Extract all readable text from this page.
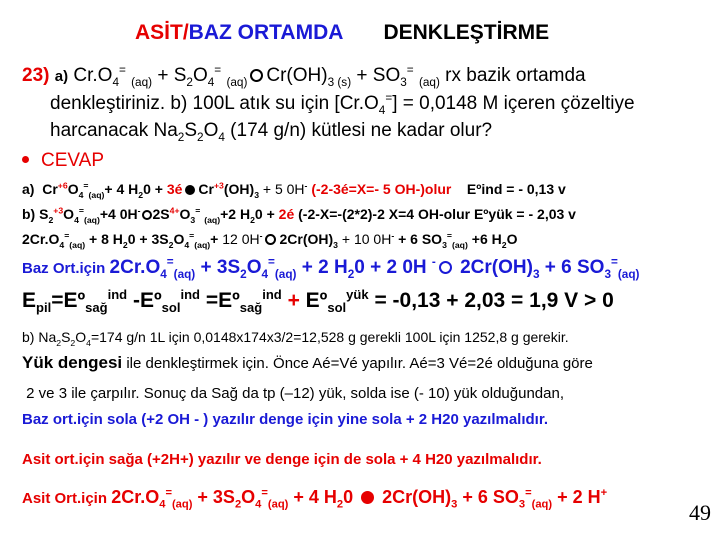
ASİT/BAZ ORTAMDA DENKLEŞTİRME
23) a) $Cr.O_4^=$ $_{(aq)} + S_2O_4^=$ $_{(aq)}$ $Cr(OH)_{3 (s)} + SO_3^=$ $_{(aq)}$ rx bazik ortamda
denkleştiriniz. b) 100L atık su için $[Cr.O_4^=] = 0,0148$ M içeren çözeltiye
harcanacak $Na_2S_2O_4$ (174 g/n) kütlesi ne kadar olur?
CEVAP
a)  $Cr^{+6}O_4^=_{(aq)}+ 4$ $H_20$ + 3é $Cr^{+3}(OH)_3 + 5$ 0H- (-2-3é=X=- 5 OH-)olur Eºind = - 0,13 v
b) $S_2^{+3}O_4^=_{(aq)}+4$ 0H- $2S^{4+}O_3^=$ $_{(aq)}$+2 $H_20$ + 2é (-2-X=-(2*2)-2 X=4 OH-olur Eºyük = - 2,03 v
$2Cr.O_4^=_{(aq)} + 8$ $H_20 + 3S_2O_4^=_{(aq)}+ 12$ 0H- $2Cr(OH)_3 + 10$ 0H- + 6 $SO_3^=_{(aq)} +6$ $H_2O$
Baz Ort.için $2Cr.O_4^=_{(aq)} + 3S_2O_4^=_{(aq)} + 2$ $H_20 + 2$ 0H - $2Cr(OH)_3 + 6$ $SO_3^=_{(aq)}$
$E_{pil}=Eº_{sağ}^{ind}$ -Eº$_{sol}^{ind}$ =Eº$_{sağ}^{ind}$ + Eº$_{sol}^{yük}$ = -0,13 + 2,03 = 1,9 V > 0
b) $Na_2S_2O_4=174$ g/n 1L için 0,0148x174x3/2=12,528 g gerekli 100L için 1252,8 g gerekir.
Yük dengesi ile denkleştirmek için. Önce Aé=Vé yapılır. Aé=3 Vé=2é olduğuna göre
2 ve 3 ile çarpılır. Sonuç da Sağ da tp (–12) yük, solda ise (- 10) yük olduğundan,
Baz ort.için sola (+2 OH - ) yazılır denge için yine sola + 2 H20 yazılmalıdır.
Asit ort.için sağa (+2H+) yazılır ve denge için de sola + 4 H20 yazılmalıdır.
Asit Ort.için $2Cr.O_4^=_{(aq)} + 3S_2O_4^=_{(aq)} + 4$ $H_20$  $2Cr(OH)_3 + 6$ $SO_3^=_{(aq)} + 2$ H+
49
